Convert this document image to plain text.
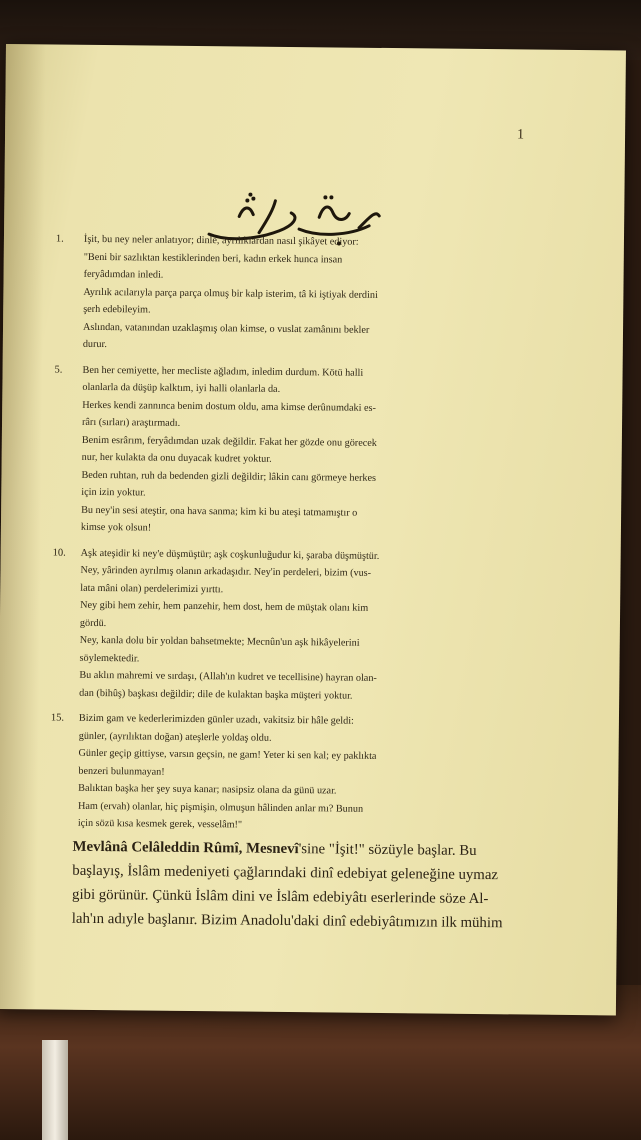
1
1. İşit, bu ney neler anlatıyor; dinle, ayrılıklardan nasıl şikâyet ediyor:
"Beni bir sazlıktan kestiklerinden beri, kadın erkek hunca insan
feryâdımdan inledi.
Ayrılık acılarıyla parça parça olmuş bir kalp isterim, tâ ki iştiyak derdini
şerh edebileyim.
Aslından, vatanından uzaklaşmış olan kimse, o vuslat zamânını bekler
durur.
5. Ben her cemiyette, her mecliste ağladım, inledim durdum. Kötü halli
olanlarla da düşüp kalktım, iyi halli olanlarla da.
Herkes kendi zannınca benim dostum oldu, ama kimse derûnumdaki es-
rârı (sırları) araştırmadı.
Benim esrârım, feryâdımdan uzak değildir. Fakat her gözde onu görecek
nur, her kulakta da onu duyacak kudret yoktur.
Beden ruhtan, ruh da bedenden gizli değildir; lâkin canı görmeye herkes
için izin yoktur.
Bu ney'in sesi ateştir, ona hava sanma; kim ki bu ateşi tatmamıştır o
kimse yok olsun!
10. Aşk ateşidir ki ney'e düşmüştür; aşk coşkunluğudur ki, şaraba düşmüştür.
Ney, yârinden ayrılmış olanın arkadaşıdır. Ney'in perdeleri, bizim (vus-
lata mâni olan) perdelerimizi yırttı.
Ney gibi hem zehir, hem panzehir, hem dost, hem de müştak olanı kim
gördü.
Ney, kanla dolu bir yoldan bahsetmekte; Mecnûn'un aşk hikâyelerini
söylemektedir.
Bu aklın mahremi ve sırdaşı, (Allah'ın kudret ve tecellisine) hayran olan-
dan (bihûş) başkası değildir; dile de kulaktan başka müşteri yoktur.
15. Bizim gam ve kederlerimizden günler uzadı, vakitsiz bir hâle geldi:
günler, (ayrılıktan doğan) ateşlerle yoldaş oldu.
Günler geçip gittiyse, varsın geçsin, ne gam! Yeter ki sen kal; ey paklıkta
benzeri bulunmayan!
Balıktan başka her şey suya kanar; nasipsiz olana da günü uzar.
Ham (ervah) olanlar, hiç pişmişin, olmuşun hâlinden anlar mı? Bunun
için sözü kısa kesmek gerek, vesselâm!"
Mevlânâ Celâleddin Rûmî, Mesnevî'sine "İşit!" sözüyle başlar. Bu
başlayış, İslâm medeniyeti çağlarındaki dinî edebiyat geleneğine uymaz
gibi görünür. Çünkü İslâm dini ve İslâm edebiyâtı eserlerinde söze Al-
lah'ın adıyle başlanır. Bizim Anadolu'daki dinî edebiyâtımızın ilk mühim
